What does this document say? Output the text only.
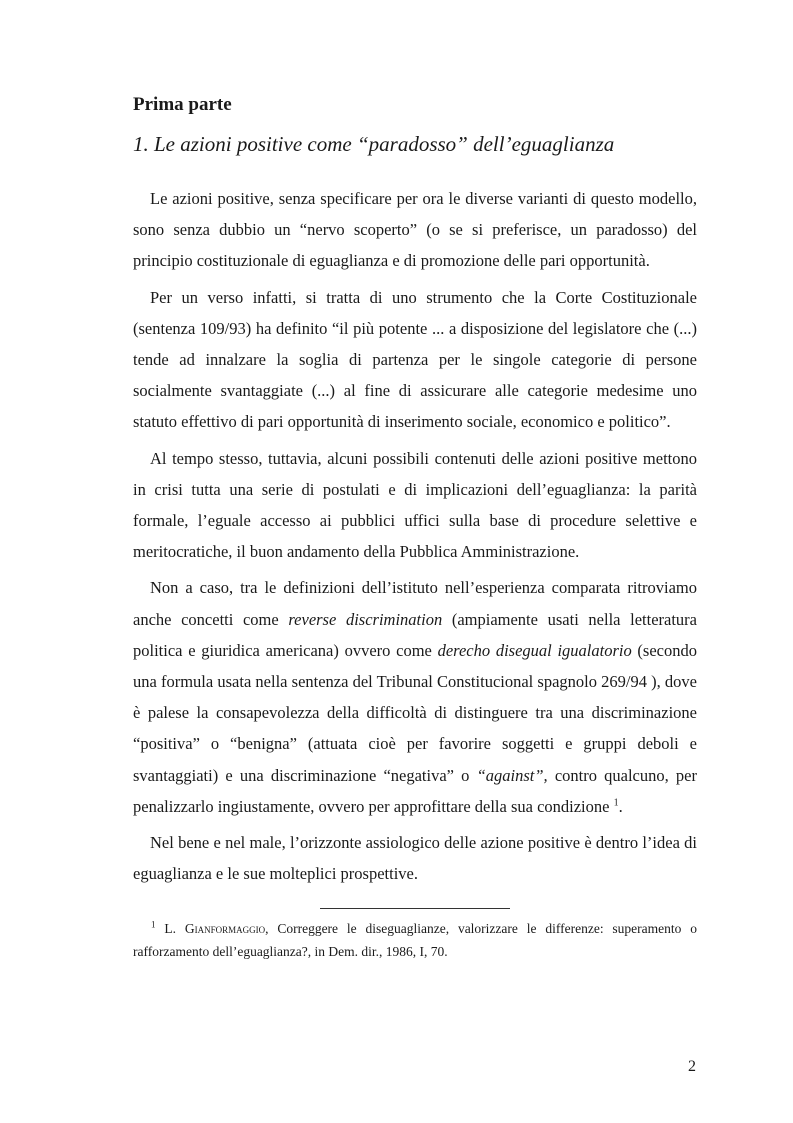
Prima parte
1. Le azioni positive come “paradosso” dell’eguaglianza

Le azioni positive, senza specificare per ora le diverse varianti di questo modello, sono senza dubbio un “nervo scoperto” (o se si preferisce, un paradosso) del principio costituzionale di eguaglianza e di promozione delle pari opportunità.

Per un verso infatti, si tratta di uno strumento che la Corte Costituzionale (sentenza 109/93) ha definito “il più potente ... a disposizione del legislatore che (...) tende ad innalzare la soglia di partenza per le singole categorie di persone socialmente svantaggiate (...) al fine di assicurare alle categorie medesime uno statuto effettivo di pari opportunità di inserimento sociale, economico e politico”.

Al tempo stesso, tuttavia, alcuni possibili contenuti delle azioni positive mettono in crisi tutta una serie di postulati e di implicazioni dell’eguaglianza: la parità formale, l’eguale accesso ai pubblici uffici sulla base di procedure selettive e meritocratiche, il buon andamento della Pubblica Amministrazione.

Non a caso, tra le definizioni dell’istituto nell’esperienza comparata ritroviamo anche concetti come reverse discrimination (ampiamente usati nella letteratura politica e giuridica americana) ovvero come derecho disegual igualatorio (secondo una formula usata nella sentenza del Tribunal Constitucional spagnolo 269/94 ), dove è palese la consapevolezza della difficoltà di distinguere tra una discriminazione “positiva” o “benigna” (attuata cioè per favorire soggetti e gruppi deboli e svantaggiati) e una discriminazione “negativa” o “against”, contro qualcuno, per penalizzarlo ingiustamente, ovvero per approfittare della sua condizione $^1$.

Nel bene e nel male, l’orizzonte assiologico delle azione positive è dentro l’idea di eguaglianza e le sue molteplici prospettive.

$^1$ L. Gianformaggio, Correggere le diseguaglianze, valorizzare le differenze: superamento o rafforzamento dell’eguaglianza?, in Dem. dir., 1986, I, 70.
2
